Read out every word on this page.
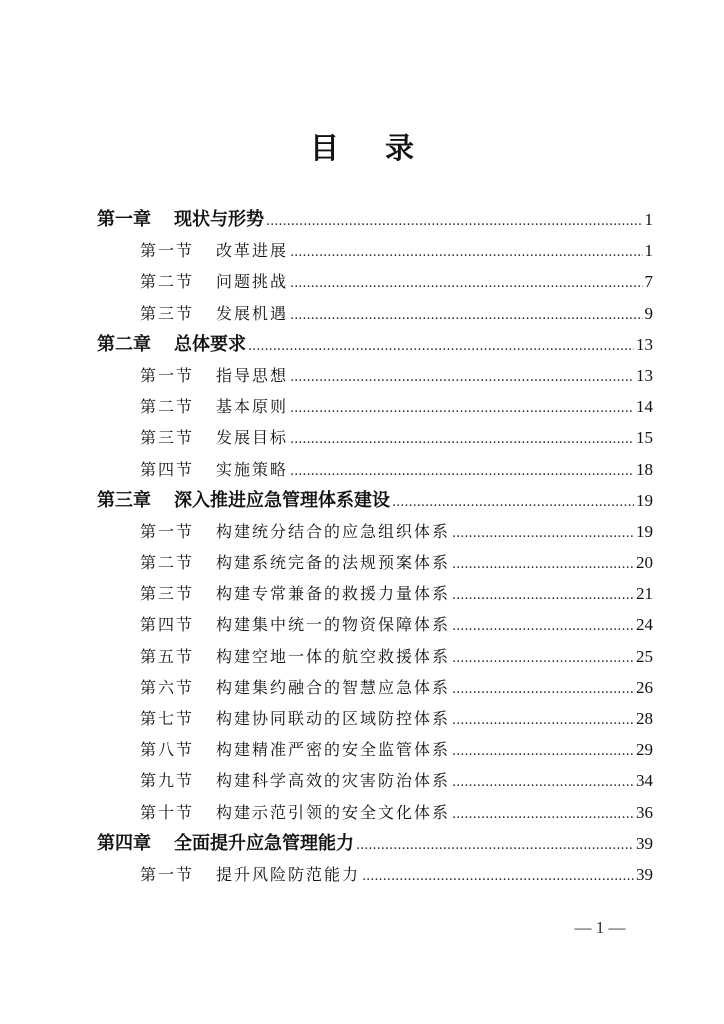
目 录
第一章	现状与形势 .....	1
第一节	改革进展 .....	1
第二节	问题挑战 .....	7
第三节	发展机遇 .....	9
第二章	总体要求 .....	13
第一节	指导思想 .....	13
第二节	基本原则 .....	14
第三节	发展目标 .....	15
第四节	实施策略 .....	18
第三章	深入推进应急管理体系建设 .....	19
第一节	构建统分结合的应急组织体系 .....	19
第二节	构建系统完备的法规预案体系 .....	20
第三节	构建专常兼备的救援力量体系 .....	21
第四节	构建集中统一的物资保障体系 .....	24
第五节	构建空地一体的航空救援体系 .....	25
第六节	构建集约融合的智慧应急体系 .....	26
第七节	构建协同联动的区域防控体系 .....	28
第八节	构建精准严密的安全监管体系 .....	29
第九节	构建科学高效的灾害防治体系 .....	34
第十节	构建示范引领的安全文化体系 .....	36
第四章	全面提升应急管理能力 .....	39
第一节	提升风险防范能力 .....	39
— 1 —
